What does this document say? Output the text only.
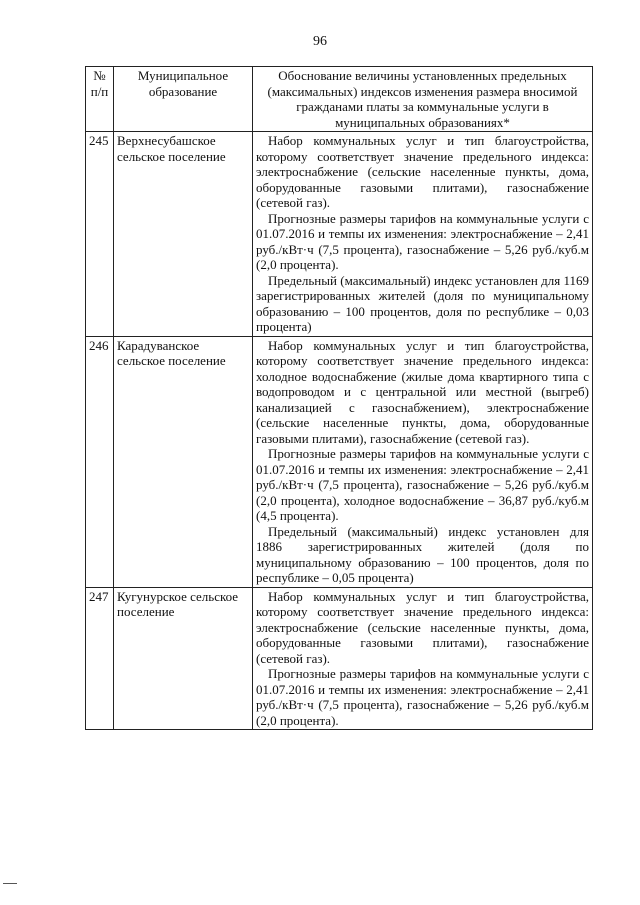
96
№ п/п	Муниципальное образование	Обоснование величины установленных предельных (максимальных) индексов изменения размера вносимой гражданами платы за коммунальные услуги в муниципальных образованиях*
245	Верхнесубашское сельское поселение	Набор коммунальных услуг и тип благоустройства, которому соответствует значение предельного индекса: электроснабжение (сельские населенные пункты, дома, оборудованные газовыми плитами), газоснабжение (сетевой газ).

Прогнозные размеры тарифов на коммунальные услуги с 01.07.2016 и темпы их изменения: электроснабжение – 2,41 руб./кВт·ч (7,5 процента), газоснабжение – 5,26 руб./куб.м (2,0 процента).

Предельный (максимальный) индекс установлен для 1169 зарегистрированных жителей (доля по муниципальному образованию – 100 процентов, доля по республике – 0,03 процента)

246	Карадуванское сельское поселение	Набор коммунальных услуг и тип благоустройства, которому соответствует значение предельного индекса: холодное водоснабжение (жилые дома квартирного типа с водопроводом и с центральной или местной (выгреб) канализацией с газоснабжением), электроснабжение (сельские населенные пункты, дома, оборудованные газовыми плитами), газоснабжение (сетевой газ).

Прогнозные размеры тарифов на коммунальные услуги с 01.07.2016 и темпы их изменения: электроснабжение – 2,41 руб./кВт·ч (7,5 процента), газоснабжение – 5,26 руб./куб.м (2,0 процента), холодное водоснабжение – 36,87 руб./куб.м (4,5 процента).

Предельный (максимальный) индекс установлен для 1886 зарегистрированных жителей (доля по муниципальному образованию – 100 процентов, доля по республике – 0,05 процента)

247	Кугунурское сельское поселение	Набор коммунальных услуг и тип благоустройства, которому соответствует значение предельного индекса: электроснабжение (сельские населенные пункты, дома, оборудованные газовыми плитами), газоснабжение (сетевой газ).

Прогнозные размеры тарифов на коммунальные услуги с 01.07.2016 и темпы их изменения: электроснабжение – 2,41 руб./кВт·ч (7,5 процента), газоснабжение – 5,26 руб./куб.м (2,0 процента).
